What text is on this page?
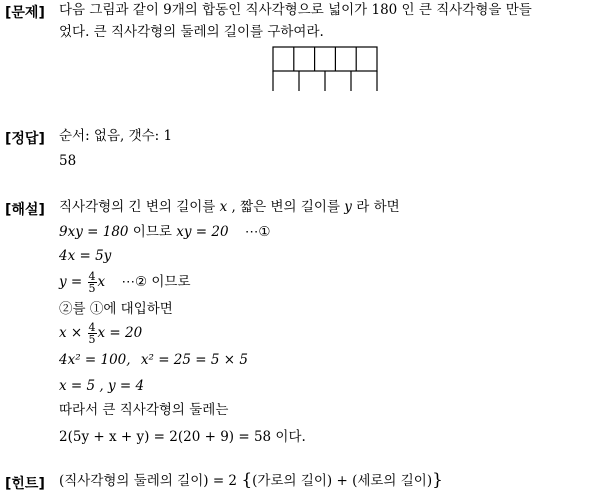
[문제] 다음 그림과 같이 9개의 합동인 직사각형으로 넓이가 180 인 큰 직사각형을 만들
었다. 큰 직사각형의 둘레의 길이를 구하여라.
[정답] 순서: 없음, 갯수: 1
58
[해설] 직사각형의 긴 변의 길이를 x , 짧은 변의 길이를 y 라 하면
9xy = 180 이므로 xy = 20 ⋯①
4x = 5y
$y = \frac{4}{5}$ x ⋯② 이므로
②를 ①에 대입하면
$x \times \frac{4}{5}$ x = 20
4x² = 100, x² = 25 = 5 × 5
x = 5 , y = 4
따라서 큰 직사각형의 둘레는
2(5y + x + y) = 2(20 + 9) = 58 이다.
[힌트] (직사각형의 둘레의 길이) = 2 {(가로의 길이) + (세로의 길이)}
